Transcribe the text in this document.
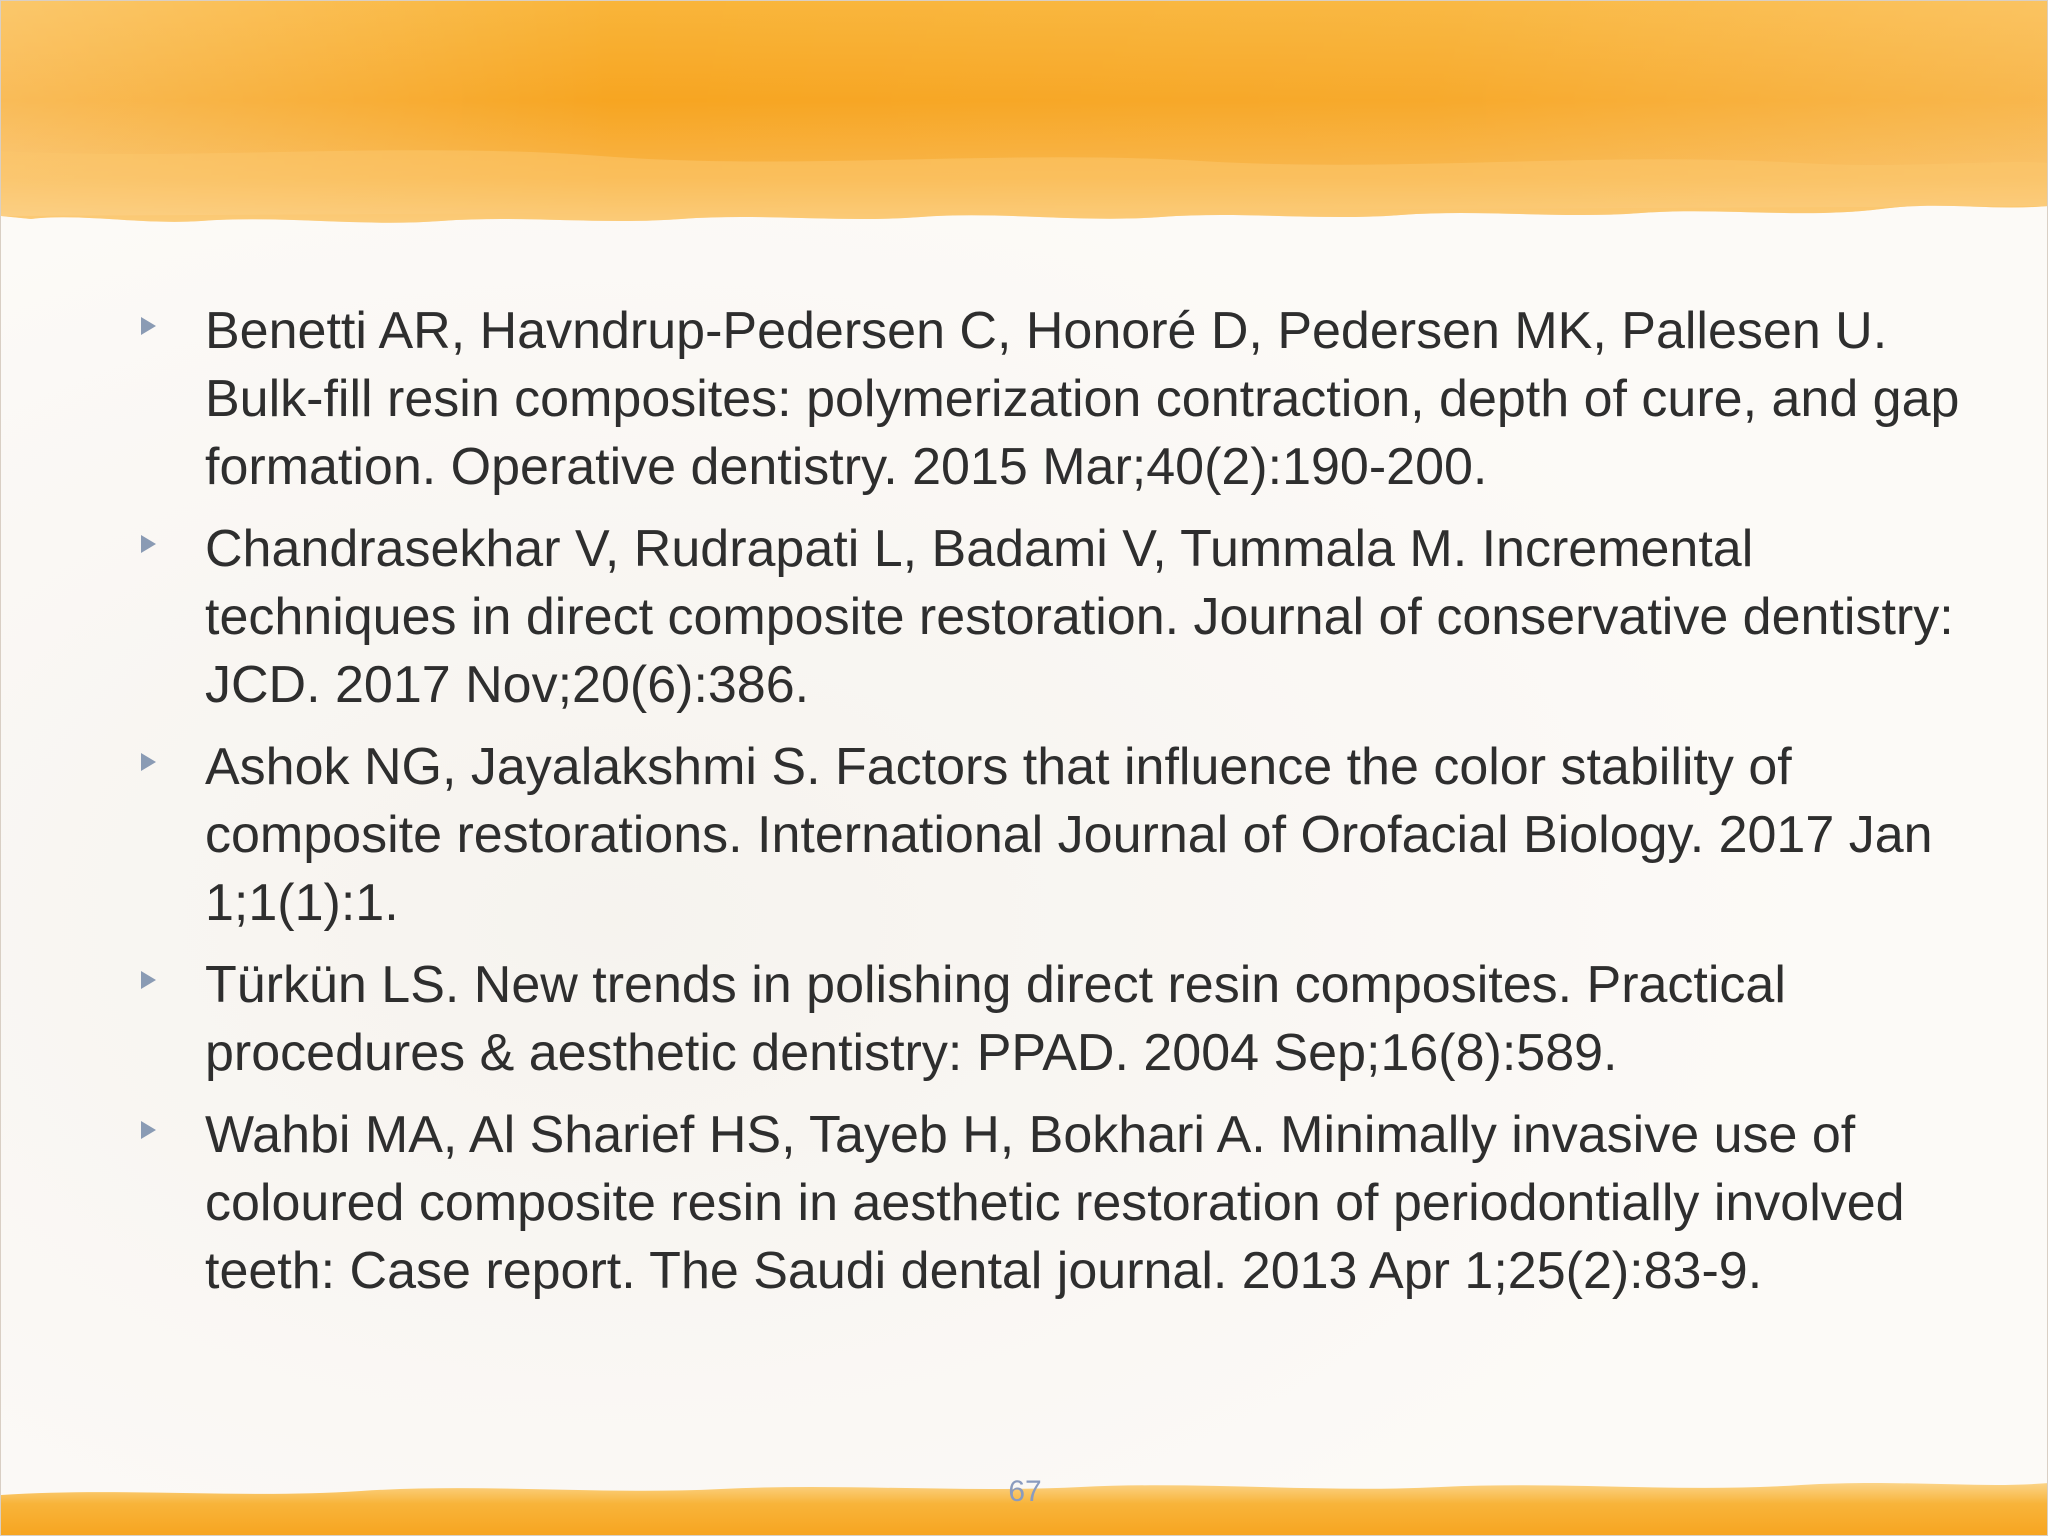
Benetti AR, Havndrup-Pedersen C, Honoré D, Pedersen MK, Pallesen U. Bulk-fill resin composites: polymerization contraction, depth of cure, and gap formation. Operative dentistry. 2015 Mar;40(2):190-200.
Chandrasekhar V, Rudrapati L, Badami V, Tummala M. Incremental techniques in direct composite restoration. Journal of conservative dentistry: JCD. 2017 Nov;20(6):386.
Ashok NG, Jayalakshmi S. Factors that influence the color stability of composite restorations. International Journal of Orofacial Biology. 2017 Jan 1;1(1):1.
Türkün LS. New trends in polishing direct resin composites. Practical procedures & aesthetic dentistry: PPAD. 2004 Sep;16(8):589.
Wahbi MA, Al Sharief HS, Tayeb H, Bokhari A. Minimally invasive use of coloured composite resin in aesthetic restoration of periodontially involved teeth: Case report. The Saudi dental journal. 2013 Apr 1;25(2):83-9.
67
